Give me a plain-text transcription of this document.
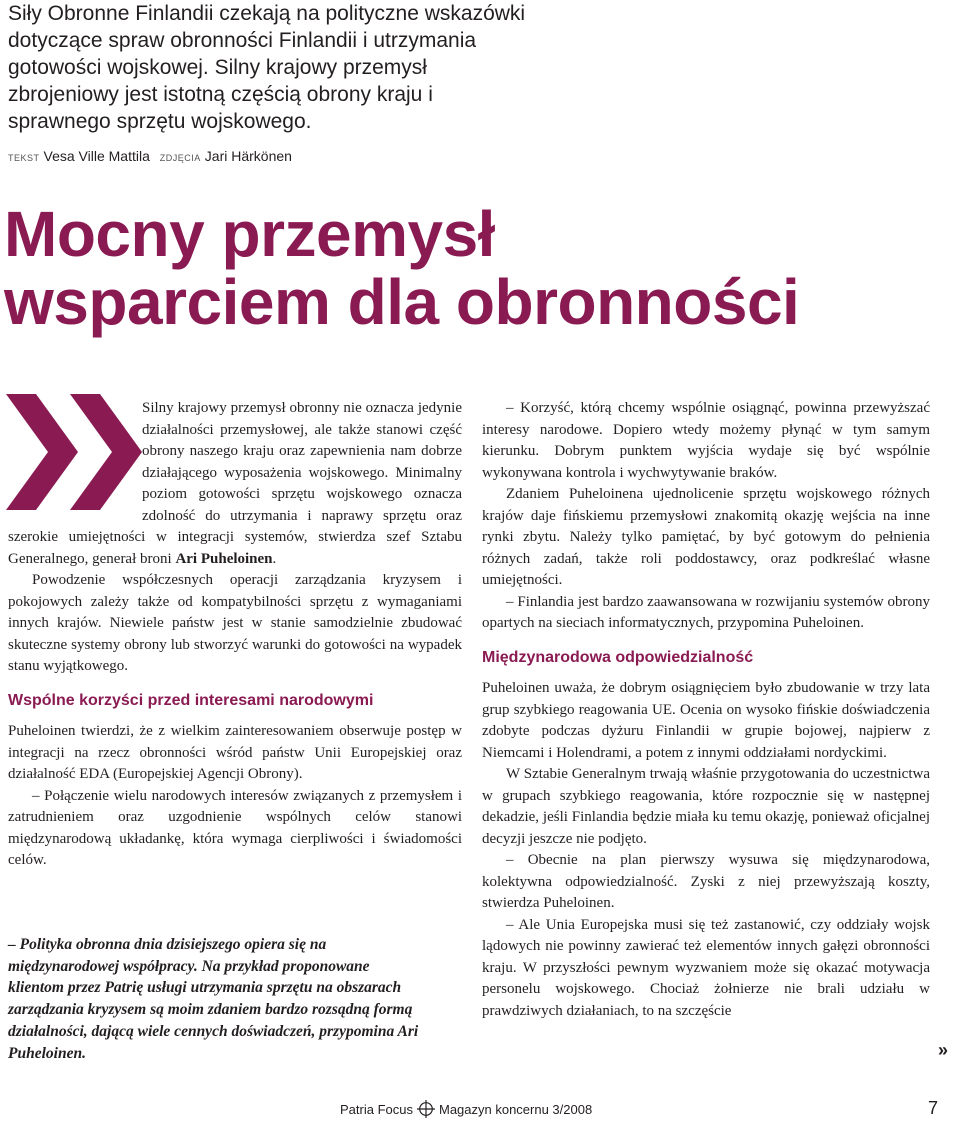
Siły Obronne Finlandii czekają na polityczne wskazówki dotyczące spraw obronności Finlandii i utrzymania gotowości wojskowej. Silny krajowy przemysł zbrojeniowy jest istotną częścią obrony kraju i sprawnego sprzętu wojskowego.

TEKST Vesa Ville Mattila ZDJĘCIA Jari Härkönen
Mocny przemysł
wsparciem dla obronności

Silny krajowy przemysł obronny nie oznacza jedynie działalności przemysłowej, ale także stanowi część obrony naszego kraju oraz zapewnienia nam dobrze działającego wyposażenia wojskowego. Minimalny poziom gotowości sprzętu wojskowego oznacza zdolność do utrzymania i naprawy sprzętu oraz szerokie umiejętności w integracji systemów, stwierdza szef Sztabu Generalnego, generał broni Ari Puheloinen.

Powodzenie współczesnych operacji zarządzania kryzysem i pokojowych zależy także od kompatybilności sprzętu z wymaganiami innych krajów. Niewiele państw jest w stanie samodzielnie zbudować skuteczne systemy obrony lub stworzyć warunki do gotowości na wypadek stanu wyjątkowego.

Wspólne korzyści przed interesami narodowymi

Puheloinen twierdzi, że z wielkim zainteresowaniem obserwuje postęp w integracji na rzecz obronności wśród państw Unii Europejskiej oraz działalność EDA (Europejskiej Agencji Obrony).

– Połączenie wielu narodowych interesów związanych z przemysłem i zatrudnieniem oraz uzgodnienie wspólnych celów stanowi międzynarodową układankę, która wymaga cierpliwości i świadomości celów.

– Polityka obronna dnia dzisiejszego opiera się na międzynarodowej współpracy. Na przykład proponowane klientom przez Patrię usługi utrzymania sprzętu na obszarach zarządzania kryzysem są moim zdaniem bardzo rozsądną formą działalności, dającą wiele cennych doświadczeń, przypomina Ari Puheloinen.

– Korzyść, którą chcemy wspólnie osiągnąć, powinna przewyższać interesy narodowe. Dopiero wtedy możemy płynąć w tym samym kierunku. Dobrym punktem wyjścia wydaje się być wspólnie wykonywana kontrola i wychwytywanie braków.

Zdaniem Puheloinena ujednolicenie sprzętu wojskowego różnych krajów daje fińskiemu przemysłowi znakomitą okazję wejścia na inne rynki zbytu. Należy tylko pamiętać, by być gotowym do pełnienia różnych zadań, także roli poddostawcy, oraz podkreślać własne umiejętności.

– Finlandia jest bardzo zaawansowana w rozwijaniu systemów obrony opartych na sieciach informatycznych, przypomina Puheloinen.

Międzynarodowa odpowiedzialność

Puheloinen uważa, że dobrym osiągnięciem było zbudowanie w trzy lata grup szybkiego reagowania UE. Ocenia on wysoko fińskie doświadczenia zdobyte podczas dyżuru Finlandii w grupie bojowej, najpierw z Niemcami i Holendrami, a potem z innymi oddziałami nordyckimi.

W Sztabie Generalnym trwają właśnie przygotowania do uczestnictwa w grupach szybkiego reagowania, które rozpocznie się w następnej dekadzie, jeśli Finlandia będzie miała ku temu okazję, ponieważ oficjalnej decyzji jeszcze nie podjęto.

– Obecnie na plan pierwszy wysuwa się międzynarodowa, kolektywna odpowiedzialność. Zyski z niej przewyższają koszty, stwierdza Puheloinen.

– Ale Unia Europejska musi się też zastanowić, czy oddziały wojsk lądowych nie powinny zawierać też elementów innych gałęzi obronności kraju. W przyszłości pewnym wyzwaniem może się okazać motywacja personelu wojskowego. Chociaż żołnierze nie brali udziału w prawdziwych działaniach, to na szczęście

»
Patria Focus Magazyn koncernu 3/2008	7
